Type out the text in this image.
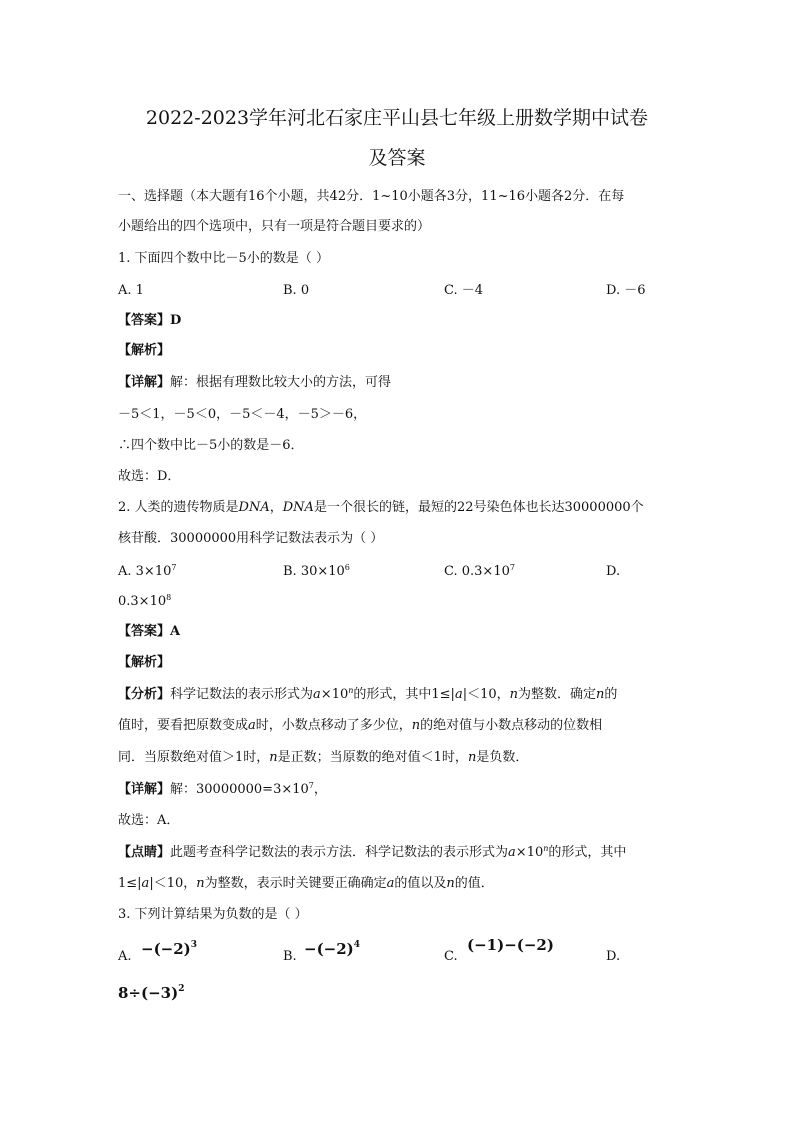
2022-2023学年河北石家庄平山县七年级上册数学期中试卷
及答案
一、选择题（本大题有16个小题，共42分．1~10小题各3分，11~16小题各2分．在每
小题给出的四个选项中，只有一项是符合题目要求的）
1. 下面四个数中比－5小的数是（ ）
A. 1	B. 0	C. －4	D. －6
【答案】D
【解析】
【详解】解：根据有理数比较大小的方法，可得
－5＜1，－5＜0，－5＜－4，－5＞－6，
∴四个数中比－5小的数是－6．
故选：D．
2. 人类的遗传物质是DNA，DNA是一个很长的链，最短的22号染色体也长达30000000个
核苷酸．30000000用科学记数法表示为（ ）
A. $3\times 10^7$	B. $30\times 10^6$	C. $0.3\times 10^7$	D.
$0.3\times 10^8$
【答案】A
【解析】
【分析】科学记数法的表示形式为$a\times 10^n$的形式，其中1≤|a|＜10，n为整数．确定n的
值时，要看把原数变成a时，小数点移动了多少位，n的绝对值与小数点移动的位数相
同．当原数绝对值＞1时，n是正数；当原数的绝对值＜1时，n是负数．
【详解】解：$30000000=3\times 10^7$，
故选：A．
【点睛】此题考查科学记数法的表示方法．科学记数法的表示形式为$a\times 10^n$的形式，其中
1≤|a|＜10，n为整数，表示时关键要正确确定a的值以及n的值．
3. 下列计算结果为负数的是（ ）
A. $-(-2)^3$
B. $-(-2)^4$
C.
(−1)−(−2)
D.
$8\div(-3)^2$
